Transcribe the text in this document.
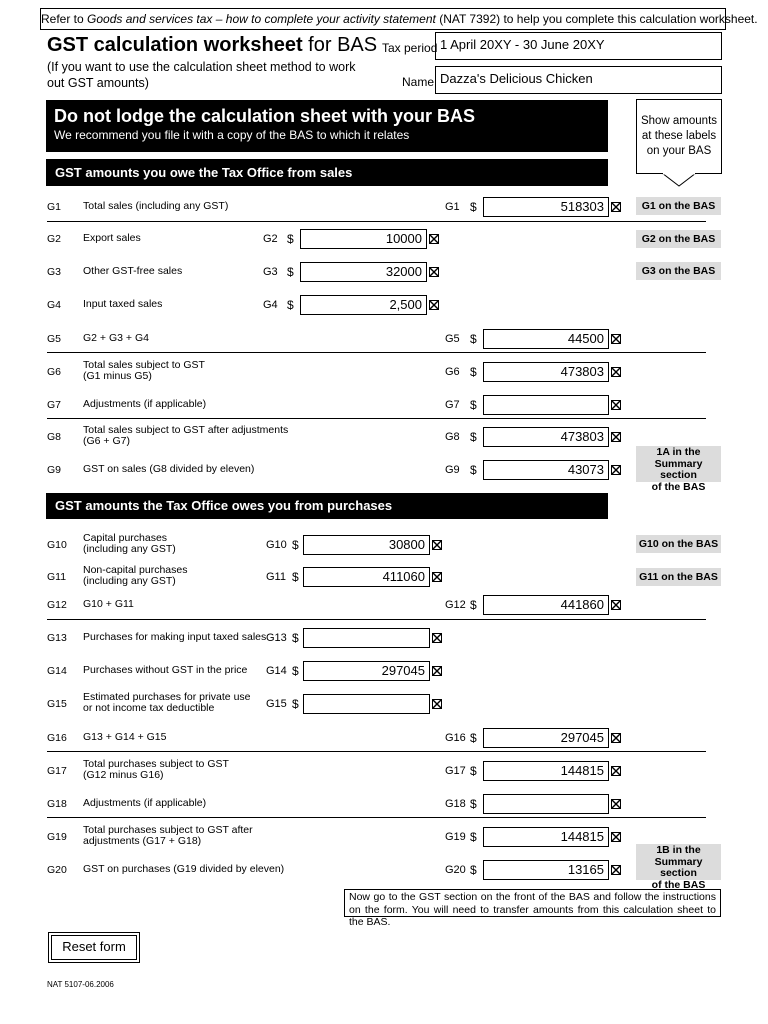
Refer to Goods and services tax – how to complete your activity statement (NAT 7392) to help you complete this calculation worksheet.
GST calculation worksheet for BAS
(If you want to use the calculation sheet method to work out GST amounts)
Tax period 1 April 20XY - 30 June 20XY
Name Dazza's Delicious Chicken
Do not lodge the calculation sheet with your BAS
We recommend you file it with a copy of the BAS to which it relates
Show amounts
at these labels
on your BAS
GST amounts you owe the Tax Office from sales
G1 Total sales (including any GST)	G1 $	518303	G1 on the BAS
G2 Export sales	G2 $	10000	G2 on the BAS
G3 Other GST-free sales	G3 $	32000	G3 on the BAS
G4 Input taxed sales	G4 $	2,500
G5 G2 + G3 + G4	G5 $	44500
G6
Total sales subject to GST
(G1 minus G5)	G6 $	473803
G7 Adjustments (if applicable)	G7 $
G8
Total sales subject to GST after adjustments
(G6 + G7)	G8 $	473803
G9 GST on sales (G8 divided by eleven)	G9 $	43073
1A in the
Summary section
of the BAS
G10
Capital purchases
(including any GST)	G10 $	30800	G10 on the BAS
G11
Non-capital purchases
(including any GST)	G11 $	411060	G11 on the BAS
G12 G10 + G11	G12 $	441860
G13 Purchases for making input taxed sales G13 $
G14 Purchases without GST in the price G14 $	297045
G15
Estimated purchases for private use
or not income tax deductible	G15 $
G16 G13 + G14 + G15	G16 $	297045
G17
Total purchases subject to GST
(G12 minus G16)	G17 $	144815
G18 Adjustments (if applicable)	G18 $
G19
Total purchases subject to GST after
adjustments (G17 + G18)	G19 $	144815
G20 GST on purchases (G19 divided by eleven)	G20 $	13165
1B in the
Summary section
of the BAS
GST amounts the Tax Office owes you from purchases
Now go to the GST section on the front of the BAS and follow the instructions on the form. You will need to transfer amounts from this calculation sheet to the BAS.
Reset form
NAT 5107-06.2006
